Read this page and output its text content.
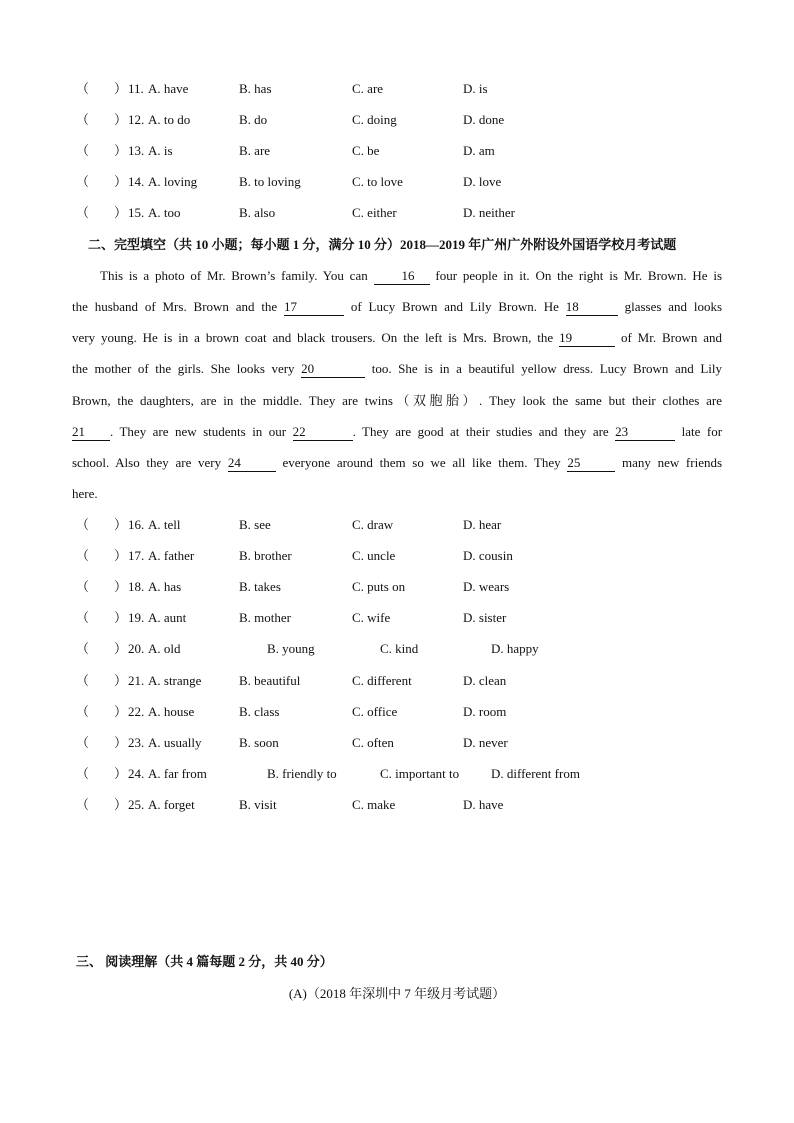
（ ） 11. A. have	B. has	C. are	D. is
（ ） 12. A. to do	B. do	C. doing	D. done
（ ） 13. A. is	B. are	C. be	D. am
（ ） 14. A. loving	B. to loving	C. to love	D. love
（ ） 15. A. too	B. also	C. either	D. neither
二、完型填空（共 10 小题；每小题 1 分，满分 10 分）2018—2019 年广州广外附设外国语学校月考试题
This is a photo of Mr. Brown’s family. You can	16 four people in it. On the right is Mr. Brown. He is
the husband of Mrs. Brown and the 17	of Lucy Brown and Lily Brown. He 18	glasses and looks
very young. He is in a brown coat and black trousers. On the left is Mrs. Brown, the 19	of Mr. Brown and
the mother of the girls. She looks very 20	too. She is in a beautiful yellow dress. Lucy Brown and Lily
Brown, the daughters, are in the middle. They are twins（双胞胎）. They look the same but their clothes are
21 . They are new students in our 22	. They are good at their studies and they are 23	late for
school. Also they are very 24	everyone around them so we all like them. They 25	many new friends
here.
（ ） 16. A. tell	B. see	C. draw	D. hear
（ ） 17. A. father	B. brother	C. uncle	D. cousin
（ ） 18. A. has	B. takes	C. puts on	D. wears
（ ） 19. A. aunt	B. mother	C. wife	D. sister
（ ） 20. A. old	B. young	C. kind	D. happy
（ ） 21. A. strange	B. beautiful	C. different	D. clean
（ ） 22. A. house	B. class	C. office	D. room
（ ） 23. A. usually	B. soon	C. often	D. never
（ ） 24. A. far from	B. friendly to	C. important to D. different from
（ ） 25. A. forget	B. visit	C. make	D. have
三、 阅读理解（共 4 篇每题 2 分，共 40 分）
(A)（2018 年深圳中 7 年级月考试题）
